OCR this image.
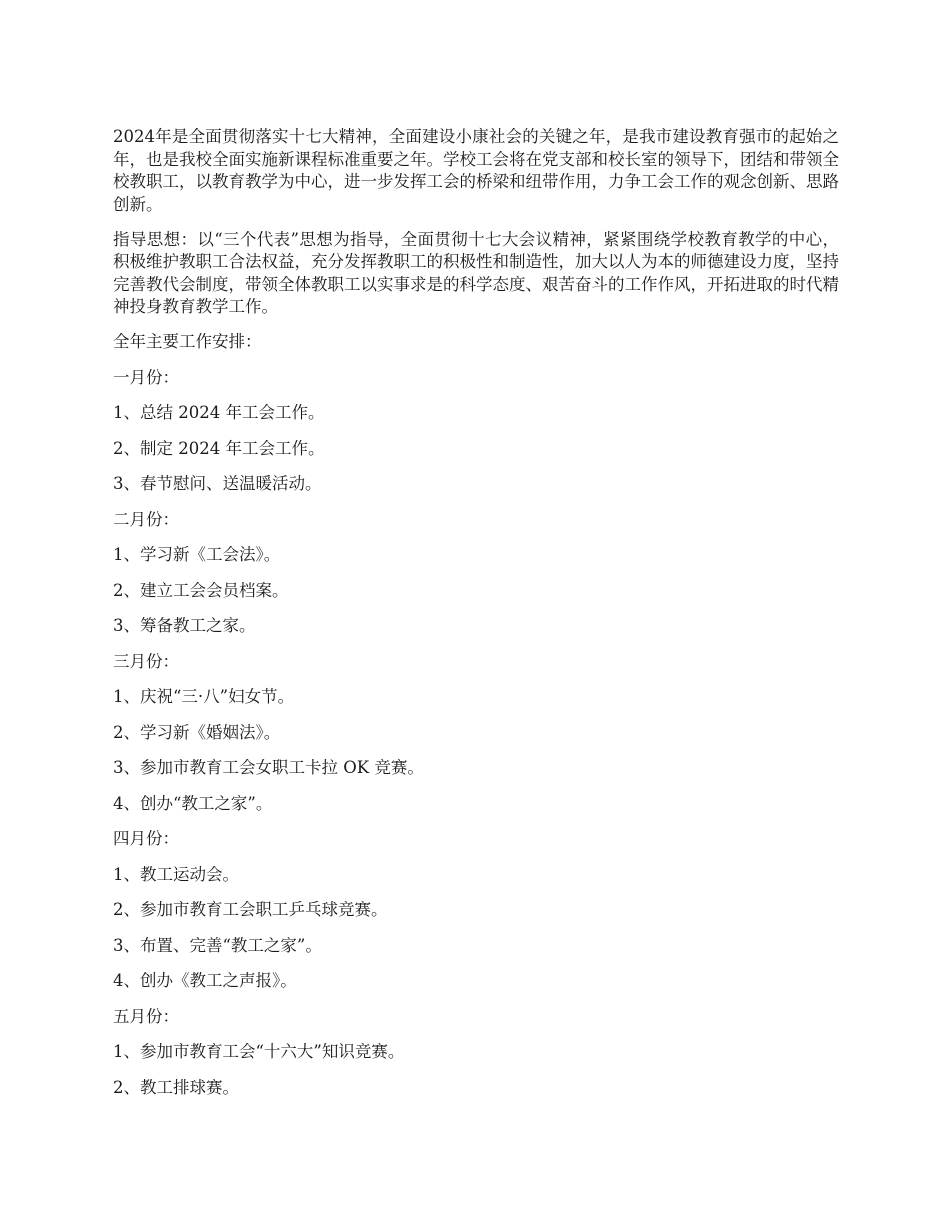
2024年是全面贯彻落实十七大精神，全面建设小康社会的关键之年，是我市建设教育强市的起始之年，也是我校全面实施新课程标准重要之年。学校工会将在党支部和校长室的领导下，团结和带领全校教职工，以教育教学为中心，进一步发挥工会的桥梁和纽带作用，力争工会工作的观念创新、思路创新。

指导思想：以“三个代表”思想为指导，全面贯彻十七大会议精神，紧紧围绕学校教育教学的中心，积极维护教职工合法权益，充分发挥教职工的积极性和制造性，加大以人为本的师德建设力度，坚持完善教代会制度，带领全体教职工以实事求是的科学态度、艰苦奋斗的工作作风，开拓进取的时代精神投身教育教学工作。

全年主要工作安排：

一月份：

1、总结 2024 年工会工作。

2、制定 2024 年工会工作。

3、春节慰问、送温暖活动。

二月份：

1、学习新《工会法》。

2、建立工会会员档案。

3、筹备教工之家。

三月份：

1、庆祝“三·八”妇女节。

2、学习新《婚姻法》。

3、参加市教育工会女职工卡拉 OK 竞赛。

4、创办“教工之家”。

四月份：

1、教工运动会。

2、参加市教育工会职工乒乓球竞赛。

3、布置、完善“教工之家”。

4、创办《教工之声报》。

五月份：

1、参加市教育工会“十六大”知识竞赛。

2、教工排球赛。
